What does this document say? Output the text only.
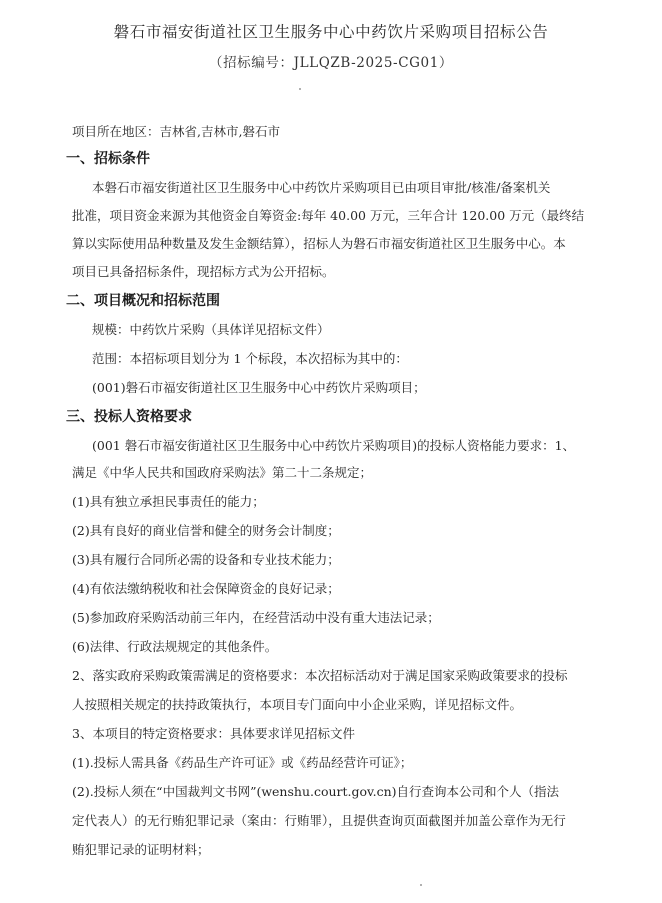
磐石市福安街道社区卫生服务中心中药饮片采购项目招标公告
（招标编号：JLLQZB-2025-CG01）
项目所在地区：吉林省,吉林市,磐石市
一、招标条件
本磐石市福安街道社区卫生服务中心中药饮片采购项目已由项目审批/核准/备案机关
批准，项目资金来源为其他资金自筹资金:每年 40.00 万元，三年合计 120.00 万元（最终结
算以实际使用品种数量及发生金额结算），招标人为磐石市福安街道社区卫生服务中心。本
项目已具备招标条件，现招标方式为公开招标。
二、项目概况和招标范围
规模：中药饮片采购（具体详见招标文件）
范围：本招标项目划分为 1 个标段，本次招标为其中的：
(001)磐石市福安街道社区卫生服务中心中药饮片采购项目；
三、投标人资格要求
(001 磐石市福安街道社区卫生服务中心中药饮片采购项目)的投标人资格能力要求：1、
满足《中华人民共和国政府采购法》第二十二条规定；
(1)具有独立承担民事责任的能力；
(2)具有良好的商业信誉和健全的财务会计制度；
(3)具有履行合同所必需的设备和专业技术能力；
(4)有依法缴纳税收和社会保障资金的良好记录；
(5)参加政府采购活动前三年内，在经营活动中没有重大违法记录；
(6)法律、行政法规规定的其他条件。
2、落实政府采购政策需满足的资格要求：本次招标活动对于满足国家采购政策要求的投标
人按照相关规定的扶持政策执行，本项目专门面向中小企业采购，详见招标文件。
3、本项目的特定资格要求：具体要求详见招标文件
(1).投标人需具备《药品生产许可证》或《药品经营许可证》；
(2).投标人须在“中国裁判文书网”(wenshu.court.gov.cn)自行查询本公司和个人（指法
定代表人）的无行贿犯罪记录（案由：行贿罪），且提供查询页面截图并加盖公章作为无行
贿犯罪记录的证明材料；
